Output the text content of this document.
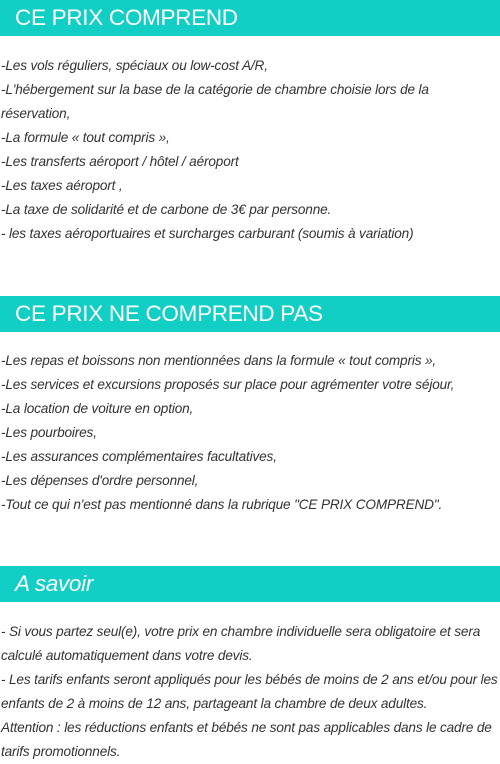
CE PRIX COMPREND
-Les vols réguliers, spéciaux ou low-cost A/R,
-L'hébergement sur la base de la catégorie de chambre choisie lors de la réservation,
-La formule « tout compris »,
-Les transferts aéroport / hôtel / aéroport
-Les taxes aéroport ,
-La taxe de solidarité et de carbone de 3€ par personne.
- les taxes aéroportuaires et surcharges carburant (soumis à variation)
CE PRIX NE COMPREND PAS
-Les repas et boissons non mentionnées dans la formule « tout compris »,
-Les services et excursions proposés sur place pour agrémenter votre séjour,
-La location de voiture en option,
-Les pourboires,
-Les assurances complémentaires facultatives,
-Les dépenses d'ordre personnel,
-Tout ce qui n'est pas mentionné dans la rubrique "CE PRIX COMPREND".
A savoir
- Si vous partez seul(e), votre prix en chambre individuelle sera obligatoire et sera calculé automatiquement dans votre devis.
- Les tarifs enfants seront appliqués pour les bébés de moins de 2 ans et/ou pour les enfants de 2 à moins de 12 ans, partageant la chambre de deux adultes.
Attention : les réductions enfants et bébés ne sont pas applicables dans le cadre de tarifs promotionnels.
